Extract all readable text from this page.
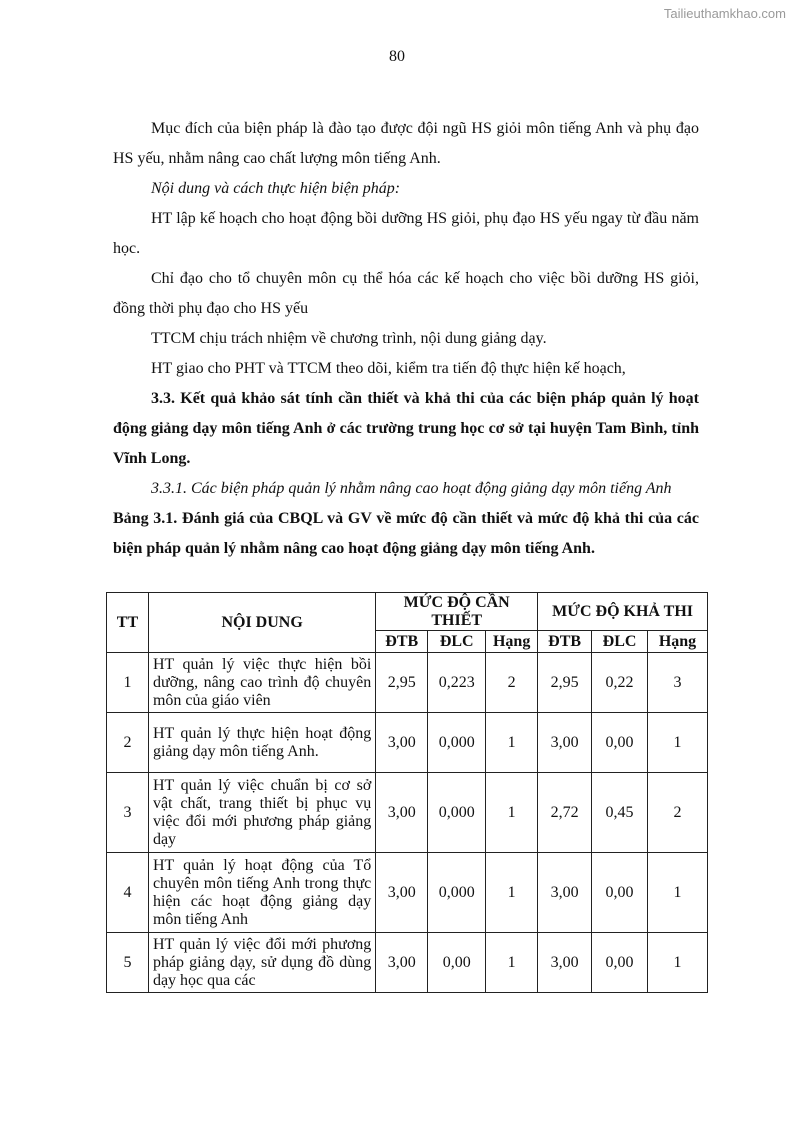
Tailieuthamkhao.com
80

Mục đích của biện pháp là đào tạo được đội ngũ HS giỏi môn tiếng Anh và phụ đạo HS yếu, nhằm nâng cao chất lượng môn tiếng Anh.

Nội dung và cách thực hiện biện pháp:

HT lập kế hoạch cho hoạt động bồi dưỡng HS giỏi, phụ đạo HS yếu ngay từ đầu năm học.

Chỉ đạo cho tổ chuyên môn cụ thể hóa các kế hoạch cho việc bồi dưỡng HS giỏi, đồng thời phụ đạo cho HS yếu

TTCM chịu trách nhiệm về chương trình, nội dung giảng dạy.

HT giao cho PHT và TTCM theo dõi, kiểm tra tiến độ thực hiện kế hoạch,

3.3. Kết quả khảo sát tính cần thiết và khả thi của các biện pháp quản lý hoạt động giảng dạy môn tiếng Anh ở các trường trung học cơ sở tại huyện Tam Bình, tỉnh Vĩnh Long.

3.3.1. Các biện pháp quản lý nhằm nâng cao hoạt động giảng dạy môn tiếng Anh

Bảng 3.1. Đánh giá của CBQL và GV về mức độ cần thiết và mức độ khả thi của các biện pháp quản lý nhằm nâng cao hoạt động giảng dạy môn tiếng Anh.

TT	NỘI DUNG	MỨC ĐỘ CẦN THIẾT			MỨC ĐỘ KHẢ THI		
		ĐTB	ĐLC	Hạng	ĐTB	ĐLC	Hạng
1	HT quản lý việc thực hiện bồi dưỡng, nâng cao trình độ chuyên môn của giáo viên	2,95	0,223	2	2,95	0,22	3
2	HT quản lý thực hiện hoạt động giảng dạy môn tiếng Anh.	3,00	0,000	1	3,00	0,00	1
3	HT quản lý việc chuẩn bị cơ sở vật chất, trang thiết bị phục vụ việc đổi mới phương pháp giảng dạy	3,00	0,000	1	2,72	0,45	2
4	HT quản lý hoạt động của Tổ chuyên môn tiếng Anh trong thực hiện các hoạt động giảng dạy môn tiếng Anh	3,00	0,000	1	3,00	0,00	1
5	HT quản lý việc đổi mới phương pháp giảng dạy, sử dụng đồ dùng dạy học qua các	3,00	0,00	1	3,00	0,00	1
